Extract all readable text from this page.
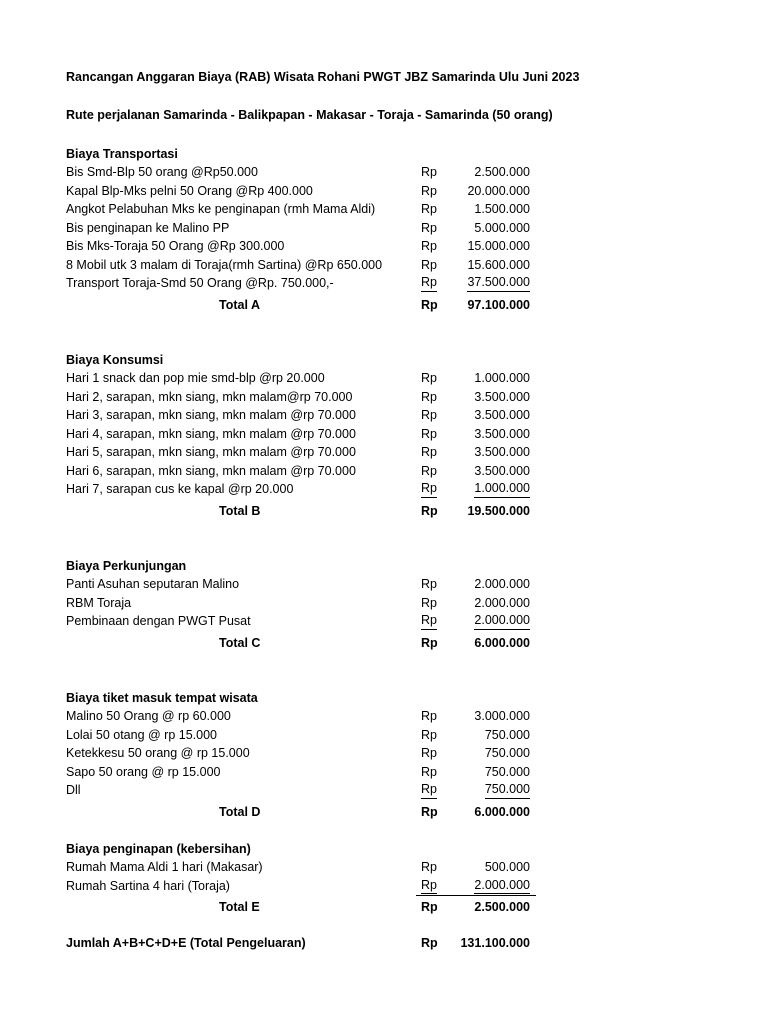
Rancangan Anggaran Biaya (RAB) Wisata Rohani PWGT JBZ Samarinda Ulu Juni 2023
Rute perjalanan Samarinda - Balikpapan - Makasar - Toraja - Samarinda (50 orang)
Biaya Transportasi
Bis Smd-Blp 50 orang @Rp50.000	Rp	2.500.000
Kapal Blp-Mks pelni 50 Orang @Rp 400.000	Rp 20.000.000
Angkot Pelabuhan Mks ke penginapan (rmh Mama Aldi)	Rp	1.500.000
Bis penginapan ke Malino PP	Rp	5.000.000
Bis Mks-Toraja 50 Orang @Rp 300.000	Rp 15.000.000
8 Mobil utk 3 malam di Toraja(rmh Sartina) @Rp 650.000	Rp 15.600.000
Transport Toraja-Smd 50 Orang @Rp. 750.000,-	Rp 37.500.000
Total A	Rp 97.100.000
Biaya Konsumsi
Hari 1 snack dan pop mie smd-blp @rp 20.000	Rp	1.000.000
Hari 2, sarapan, mkn siang, mkn malam@rp 70.000	Rp	3.500.000
Hari 3, sarapan, mkn siang, mkn malam @rp 70.000	Rp	3.500.000
Hari 4, sarapan, mkn siang, mkn malam @rp 70.000	Rp	3.500.000
Hari 5, sarapan, mkn siang, mkn malam @rp 70.000	Rp	3.500.000
Hari 6, sarapan, mkn siang, mkn malam @rp 70.000	Rp	3.500.000
Hari 7, sarapan cus ke kapal @rp 20.000	Rp	1.000.000
Total B	Rp 19.500.000
Biaya Perkunjungan
Panti Asuhan seputaran Malino	Rp	2.000.000
RBM Toraja	Rp	2.000.000
Pembinaan dengan PWGT Pusat	Rp	2.000.000
Total C	Rp	6.000.000
Biaya tiket masuk tempat wisata
Malino 50 Orang @ rp 60.000	Rp	3.000.000
Lolai 50 otang @ rp 15.000	Rp	750.000
Ketekkesu 50 orang @ rp 15.000	Rp	750.000
Sapo 50 orang @ rp 15.000	Rp	750.000
Dll	Rp	750.000
Total D	Rp	6.000.000
Biaya penginapan (kebersihan)
Rumah Mama Aldi 1 hari (Makasar)	Rp	500.000
Rumah Sartina 4 hari (Toraja)	Rp	2.000.000
Total E	Rp	2.500.000
Jumlah A+B+C+D+E (Total Pengeluaran)	Rp 131.100.000
